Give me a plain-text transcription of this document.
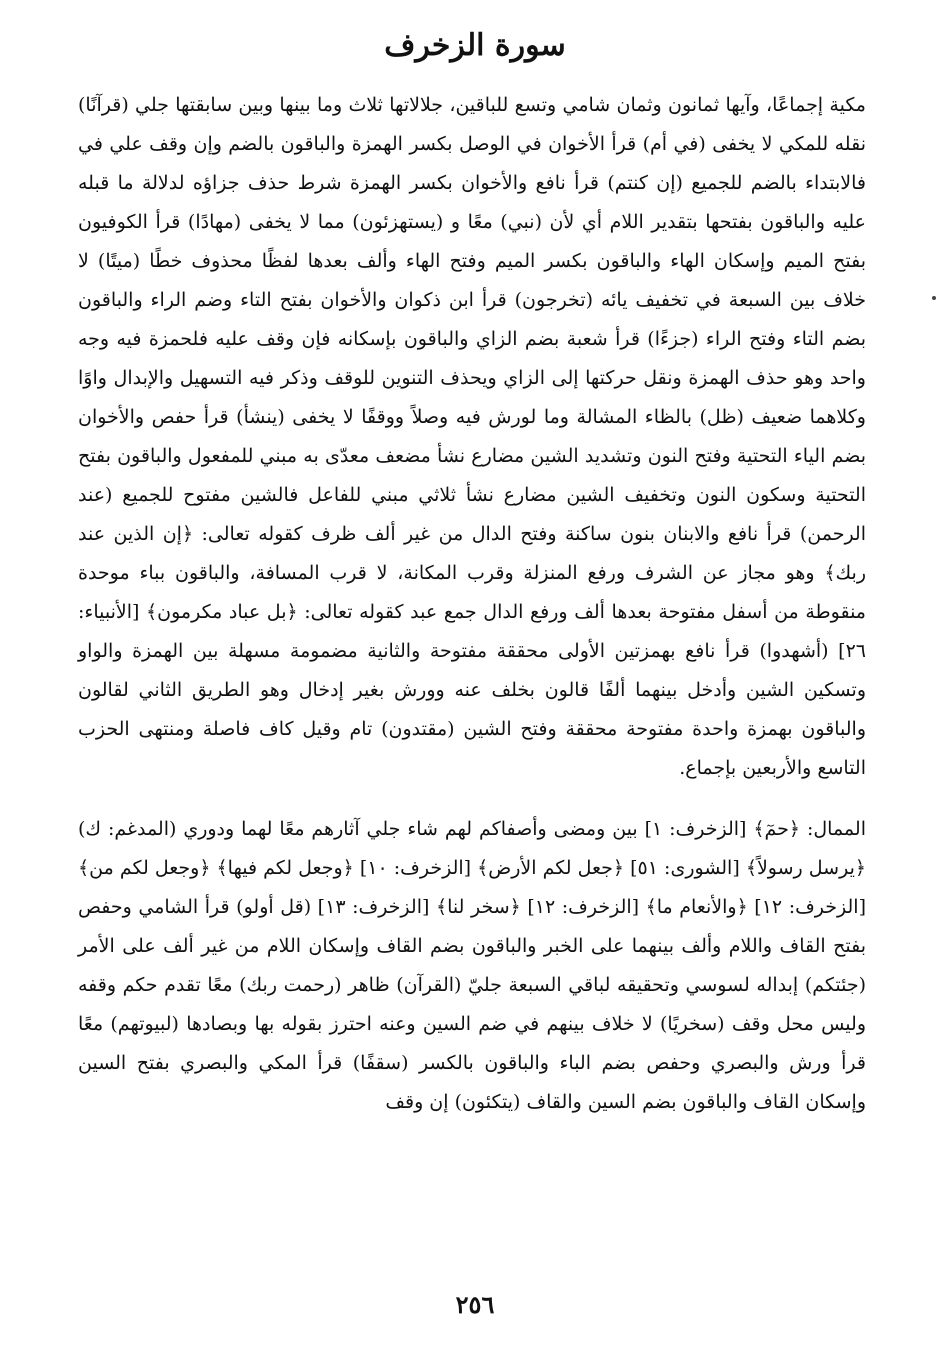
سورة الزخرف

مكية إجماعًا، وآيها ثمانون وثمان شامي وتسع للباقين، جلالاتها ثلاث وما بينها وبين سابقتها جلي (قرآنًا) نقله للمكي لا يخفى (في أم) قرأ الأخوان في الوصل بكسر الهمزة والباقون بالضم وإن وقف علي في فالابتداء بالضم للجميع (إن كنتم) قرأ نافع والأخوان بكسر الهمزة شرط حذف جزاؤه لدلالة ما قبله عليه والباقون بفتحها بتقدير اللام أي لأن (نبي) معًا و (يستهزئون) مما لا يخفى (مهادًا) قرأ الكوفيون بفتح الميم وإسكان الهاء والباقون بكسر الميم وفتح الهاء وألف بعدها لفظًا محذوف خطًا (ميتًا) لا خلاف بين السبعة في تخفيف يائه (تخرجون) قرأ ابن ذكوان والأخوان بفتح التاء وضم الراء والباقون بضم التاء وفتح الراء (جزءًا) قرأ شعبة بضم الزاي والباقون بإسكانه فإن وقف عليه فلحمزة فيه وجه واحد وهو حذف الهمزة ونقل حركتها إلى الزاي ويحذف التنوين للوقف وذكر فيه التسهيل والإبدال واوًا وكلاهما ضعيف (ظل) بالظاء المشالة وما لورش فيه وصلاً ووقفًا لا يخفى (ينشأ) قرأ حفص والأخوان بضم الياء التحتية وفتح النون وتشديد الشين مضارع نشأ مضعف معدّى به مبني للمفعول والباقون بفتح التحتية وسكون النون وتخفيف الشين مضارع نشأ ثلاثي مبني للفاعل فالشين مفتوح للجميع (عند الرحمن) قرأ نافع والابنان بنون ساكنة وفتح الدال من غير ألف ظرف كقوله تعالى: ﴿إن الذين عند ربك﴾ وهو مجاز عن الشرف ورفع المنزلة وقرب المكانة، لا قرب المسافة، والباقون بباء موحدة منقوطة من أسفل مفتوحة بعدها ألف ورفع الدال جمع عبد كقوله تعالى: ﴿بل عباد مكرمون﴾ [الأنبياء: ٢٦] (أشهدوا) قرأ نافع بهمزتين الأولى محققة مفتوحة والثانية مضمومة مسهلة بين الهمزة والواو وتسكين الشين وأدخل بينهما ألفًا قالون بخلف عنه وورش بغير إدخال وهو الطريق الثاني لقالون والباقون بهمزة واحدة مفتوحة محققة وفتح الشين (مقتدون) تام وقيل كاف فاصلة ومنتهى الحزب التاسع والأربعين بإجماع.

الممال: ﴿حمٓ﴾ [الزخرف: ١] بين ومضى وأصفاكم لهم شاء جلي آثارهم معًا لهما ودوري (المدغم: ك) ﴿يرسل رسولاً﴾ [الشورى: ٥١] ﴿جعل لكم الأرض﴾ [الزخرف: ١٠] ﴿وجعل لكم فيها﴾ ﴿وجعل لكم من﴾ [الزخرف: ١٢] ﴿والأنعام ما﴾ [الزخرف: ١٢] ﴿سخر لنا﴾ [الزخرف: ١٣] (قل أولو) قرأ الشامي وحفص بفتح القاف واللام وألف بينهما على الخبر والباقون بضم القاف وإسكان اللام من غير ألف على الأمر (جئتكم) إبداله لسوسي وتحقيقه لباقي السبعة جليّ (القرآن) ظاهر (رحمت ربك) معًا تقدم حكم وقفه وليس محل وقف (سخريًا) لا خلاف بينهم في ضم السين وعنه احترز بقوله بها وبصادها (لبيوتهم) معًا قرأ ورش والبصري وحفص بضم الباء والباقون بالكسر (سقفًا) قرأ المكي والبصري بفتح السين وإسكان القاف والباقون بضم السين والقاف (يتكئون) إن وقف

٢٥٦
